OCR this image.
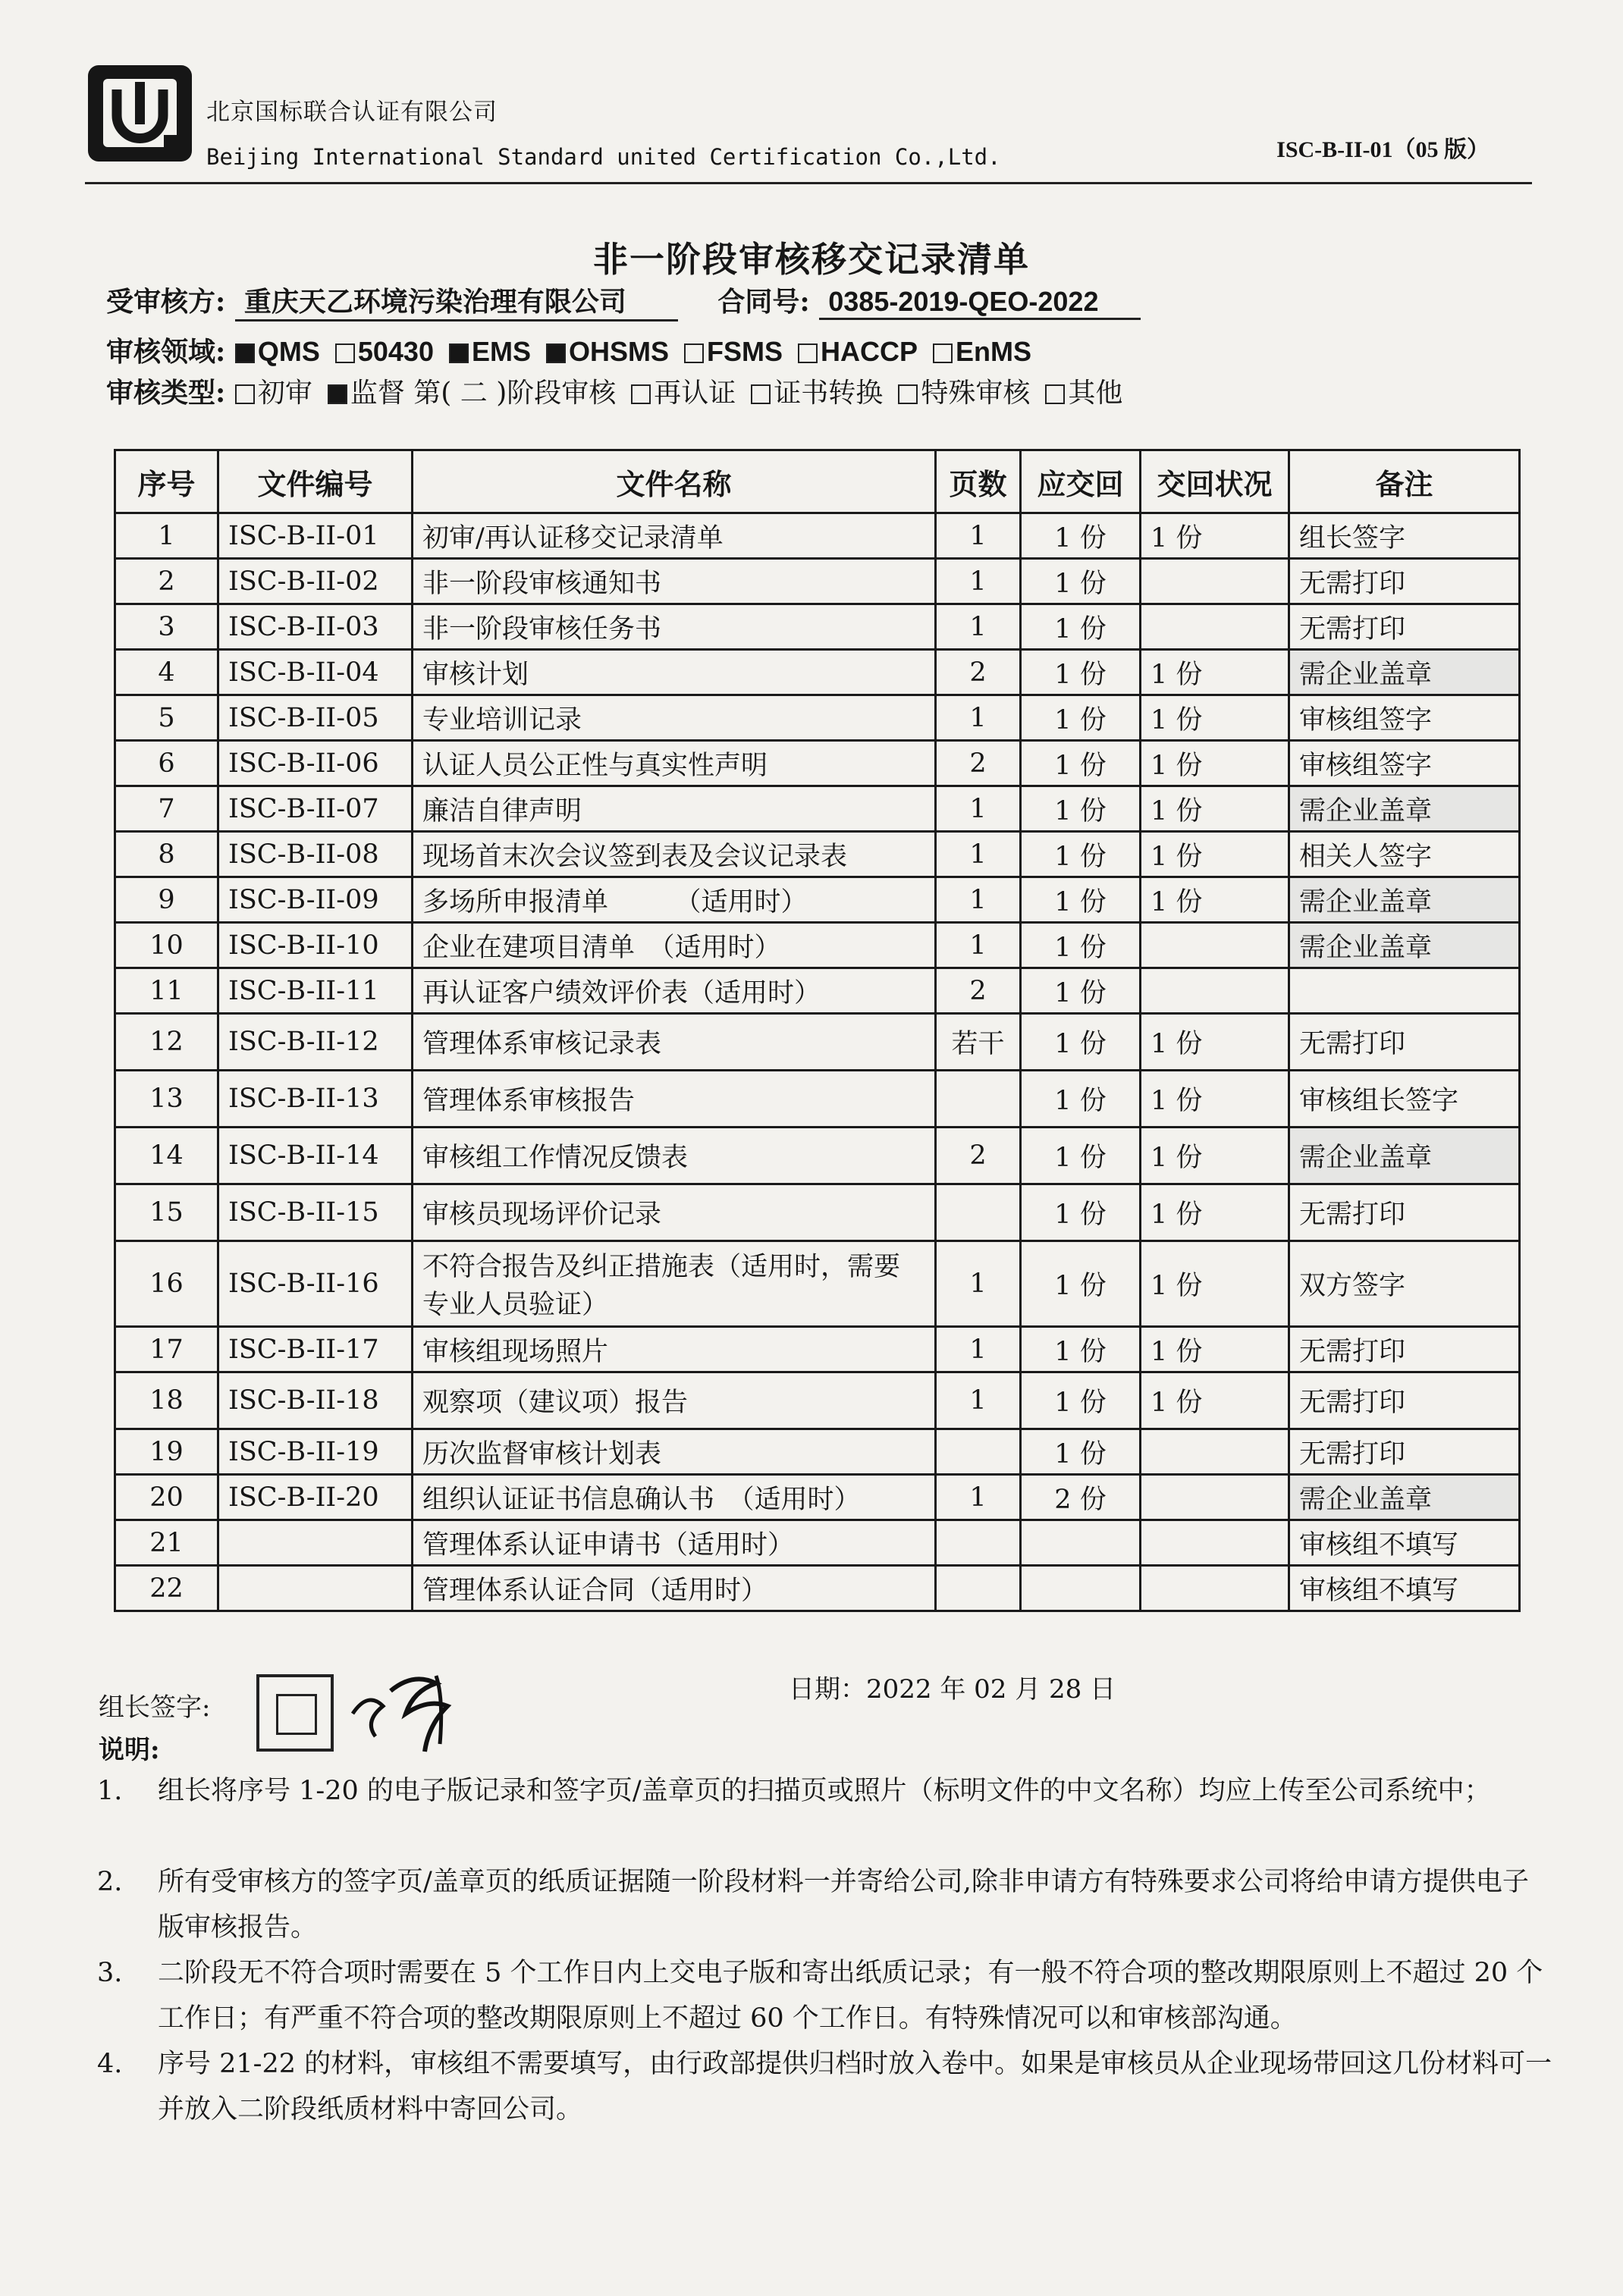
北京国标联合认证有限公司
Beijing International Standard united Certification Co.,Ltd.	ISC-B-II-01（05 版）
非一阶段审核移交记录清单
受审核方: 重庆天乙环境污染治理有限公司	合同号: 0385-2019-QEO-2022
审核领域: QMS 50430 EMS OHSMS FSMS HACCP EnMS
审核类型: 初审 监督 第( 二 )阶段审核 再认证 证书转换 特殊审核 其他
序号	文件编号	文件名称	页数	应交回	交回状况	备注
1	ISC-B-II-01	初审/再认证移交记录清单	1	1 份	1 份	组长签字
2	ISC-B-II-02	非一阶段审核通知书	1	1 份		无需打印
3	ISC-B-II-03	非一阶段审核任务书	1	1 份		无需打印
4	ISC-B-II-04	审核计划	2	1 份	1 份	需企业盖章
5	ISC-B-II-05	专业培训记录	1	1 份	1 份	审核组签字
6	ISC-B-II-06	认证人员公正性与真实性声明	2	1 份	1 份	审核组签字
7	ISC-B-II-07	廉洁自律声明	1	1 份	1 份	需企业盖章
8	ISC-B-II-08	现场首末次会议签到表及会议记录表	1	1 份	1 份	相关人签字
9	ISC-B-II-09	多场所申报清单　　　（适用时）	1	1 份	1 份	需企业盖章
10	ISC-B-II-10	企业在建项目清单　（适用时）	1	1 份		需企业盖章
11	ISC-B-II-11	再认证客户绩效评价表（适用时）	2	1 份		
12	ISC-B-II-12	管理体系审核记录表	若干	1 份	1 份	无需打印
13	ISC-B-II-13	管理体系审核报告		1 份	1 份	审核组长签字
14	ISC-B-II-14	审核组工作情况反馈表	2	1 份	1 份	需企业盖章
15	ISC-B-II-15	审核员现场评价记录		1 份	1 份	无需打印
16	ISC-B-II-16	不符合报告及纠正措施表（适用时，需要专业人员验证）	1	1 份	1 份	双方签字
17	ISC-B-II-17	审核组现场照片	1	1 份	1 份	无需打印
18	ISC-B-II-18	观察项（建议项）报告	1	1 份	1 份	无需打印
19	ISC-B-II-19	历次监督审核计划表		1 份		无需打印
20	ISC-B-II-20	组织认证证书信息确认书　（适用时）	1	2 份		需企业盖章
21		管理体系认证申请书（适用时）				审核组不填写
22		管理体系认证合同（适用时）				审核组不填写
组长签字:
日期：2022 年 02 月 28 日
说明:
1. 组长将序号 1-20 的电子版记录和签字页/盖章页的扫描页或照片（标明文件的中文名称）均应上传至公司系统中；
2. 所有受审核方的签字页/盖章页的纸质证据随一阶段材料一并寄给公司,除非申请方有特殊要求公司将给申请方提供电子版审核报告。
3. 二阶段无不符合项时需要在 5 个工作日内上交电子版和寄出纸质记录；有一般不符合项的整改期限原则上不超过 20 个工作日；有严重不符合项的整改期限原则上不超过 60 个工作日。有特殊情况可以和审核部沟通。
4. 序号 21-22 的材料，审核组不需要填写，由行政部提供归档时放入卷中。如果是审核员从企业现场带回这几份材料可一并放入二阶段纸质材料中寄回公司。
